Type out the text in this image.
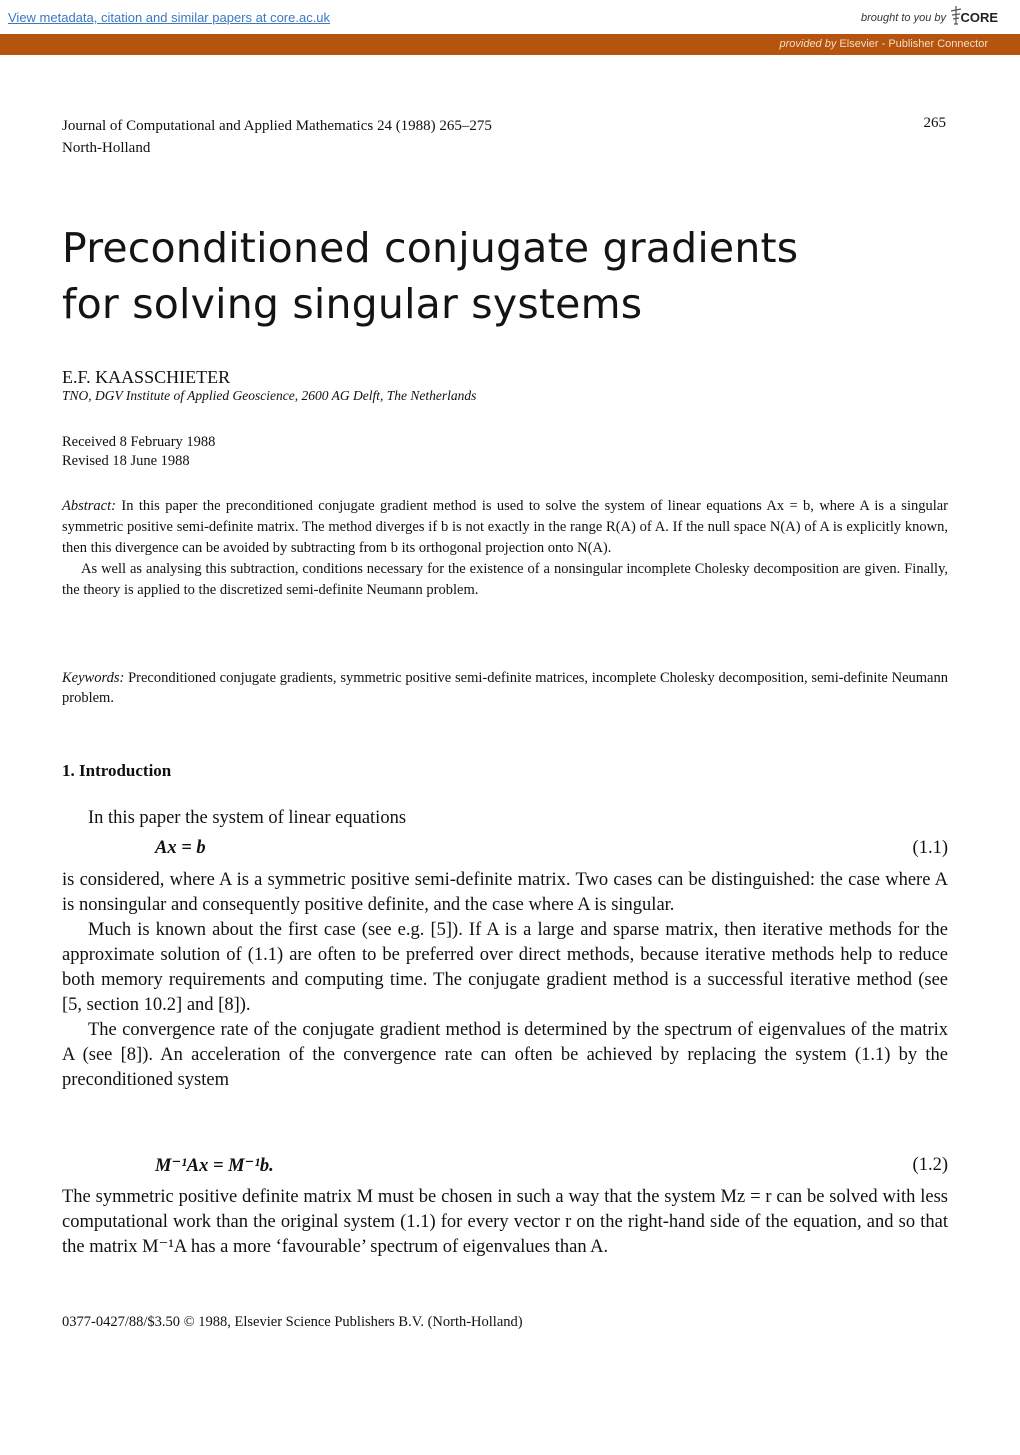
View metadata, citation and similar papers at core.ac.uk	brought to you by CORE
provided by Elsevier - Publisher Connector
Journal of Computational and Applied Mathematics 24 (1988) 265–275
North-Holland
265
Preconditioned conjugate gradients
for solving singular systems
E.F. KAASSCHIETER
TNO, DGV Institute of Applied Geoscience, 2600 AG Delft, The Netherlands
Received 8 February 1988
Revised 18 June 1988

Abstract: In this paper the preconditioned conjugate gradient method is used to solve the system of linear equations Ax = b, where A is a singular symmetric positive semi-definite matrix. The method diverges if b is not exactly in the range R(A) of A. If the null space N(A) of A is explicitly known, then this divergence can be avoided by subtracting from b its orthogonal projection onto N(A).

As well as analysing this subtraction, conditions necessary for the existence of a nonsingular incomplete Cholesky decomposition are given. Finally, the theory is applied to the discretized semi-definite Neumann problem.

Keywords: Preconditioned conjugate gradients, symmetric positive semi-definite matrices, incomplete Cholesky decomposition, semi-definite Neumann problem.
1. Introduction

In this paper the system of linear equations

Ax = b	(1.1)

is considered, where A is a symmetric positive semi-definite matrix. Two cases can be distinguished: the case where A is nonsingular and consequently positive definite, and the case where A is singular.

Much is known about the first case (see e.g. [5]). If A is a large and sparse matrix, then iterative methods for the approximate solution of (1.1) are often to be preferred over direct methods, because iterative methods help to reduce both memory requirements and computing time. The conjugate gradient method is a successful iterative method (see [5, section 10.2] and [8]).

The convergence rate of the conjugate gradient method is determined by the spectrum of eigenvalues of the matrix A (see [8]). An acceleration of the convergence rate can often be achieved by replacing the system (1.1) by the preconditioned system

M⁻¹Ax = M⁻¹b.	(1.2)

The symmetric positive definite matrix M must be chosen in such a way that the system Mz = r can be solved with less computational work than the original system (1.1) for every vector r on the right-hand side of the equation, and so that the matrix M⁻¹A has a more ‘favourable’ spectrum of eigenvalues than A.

0377-0427/88/$3.50 © 1988, Elsevier Science Publishers B.V. (North-Holland)
